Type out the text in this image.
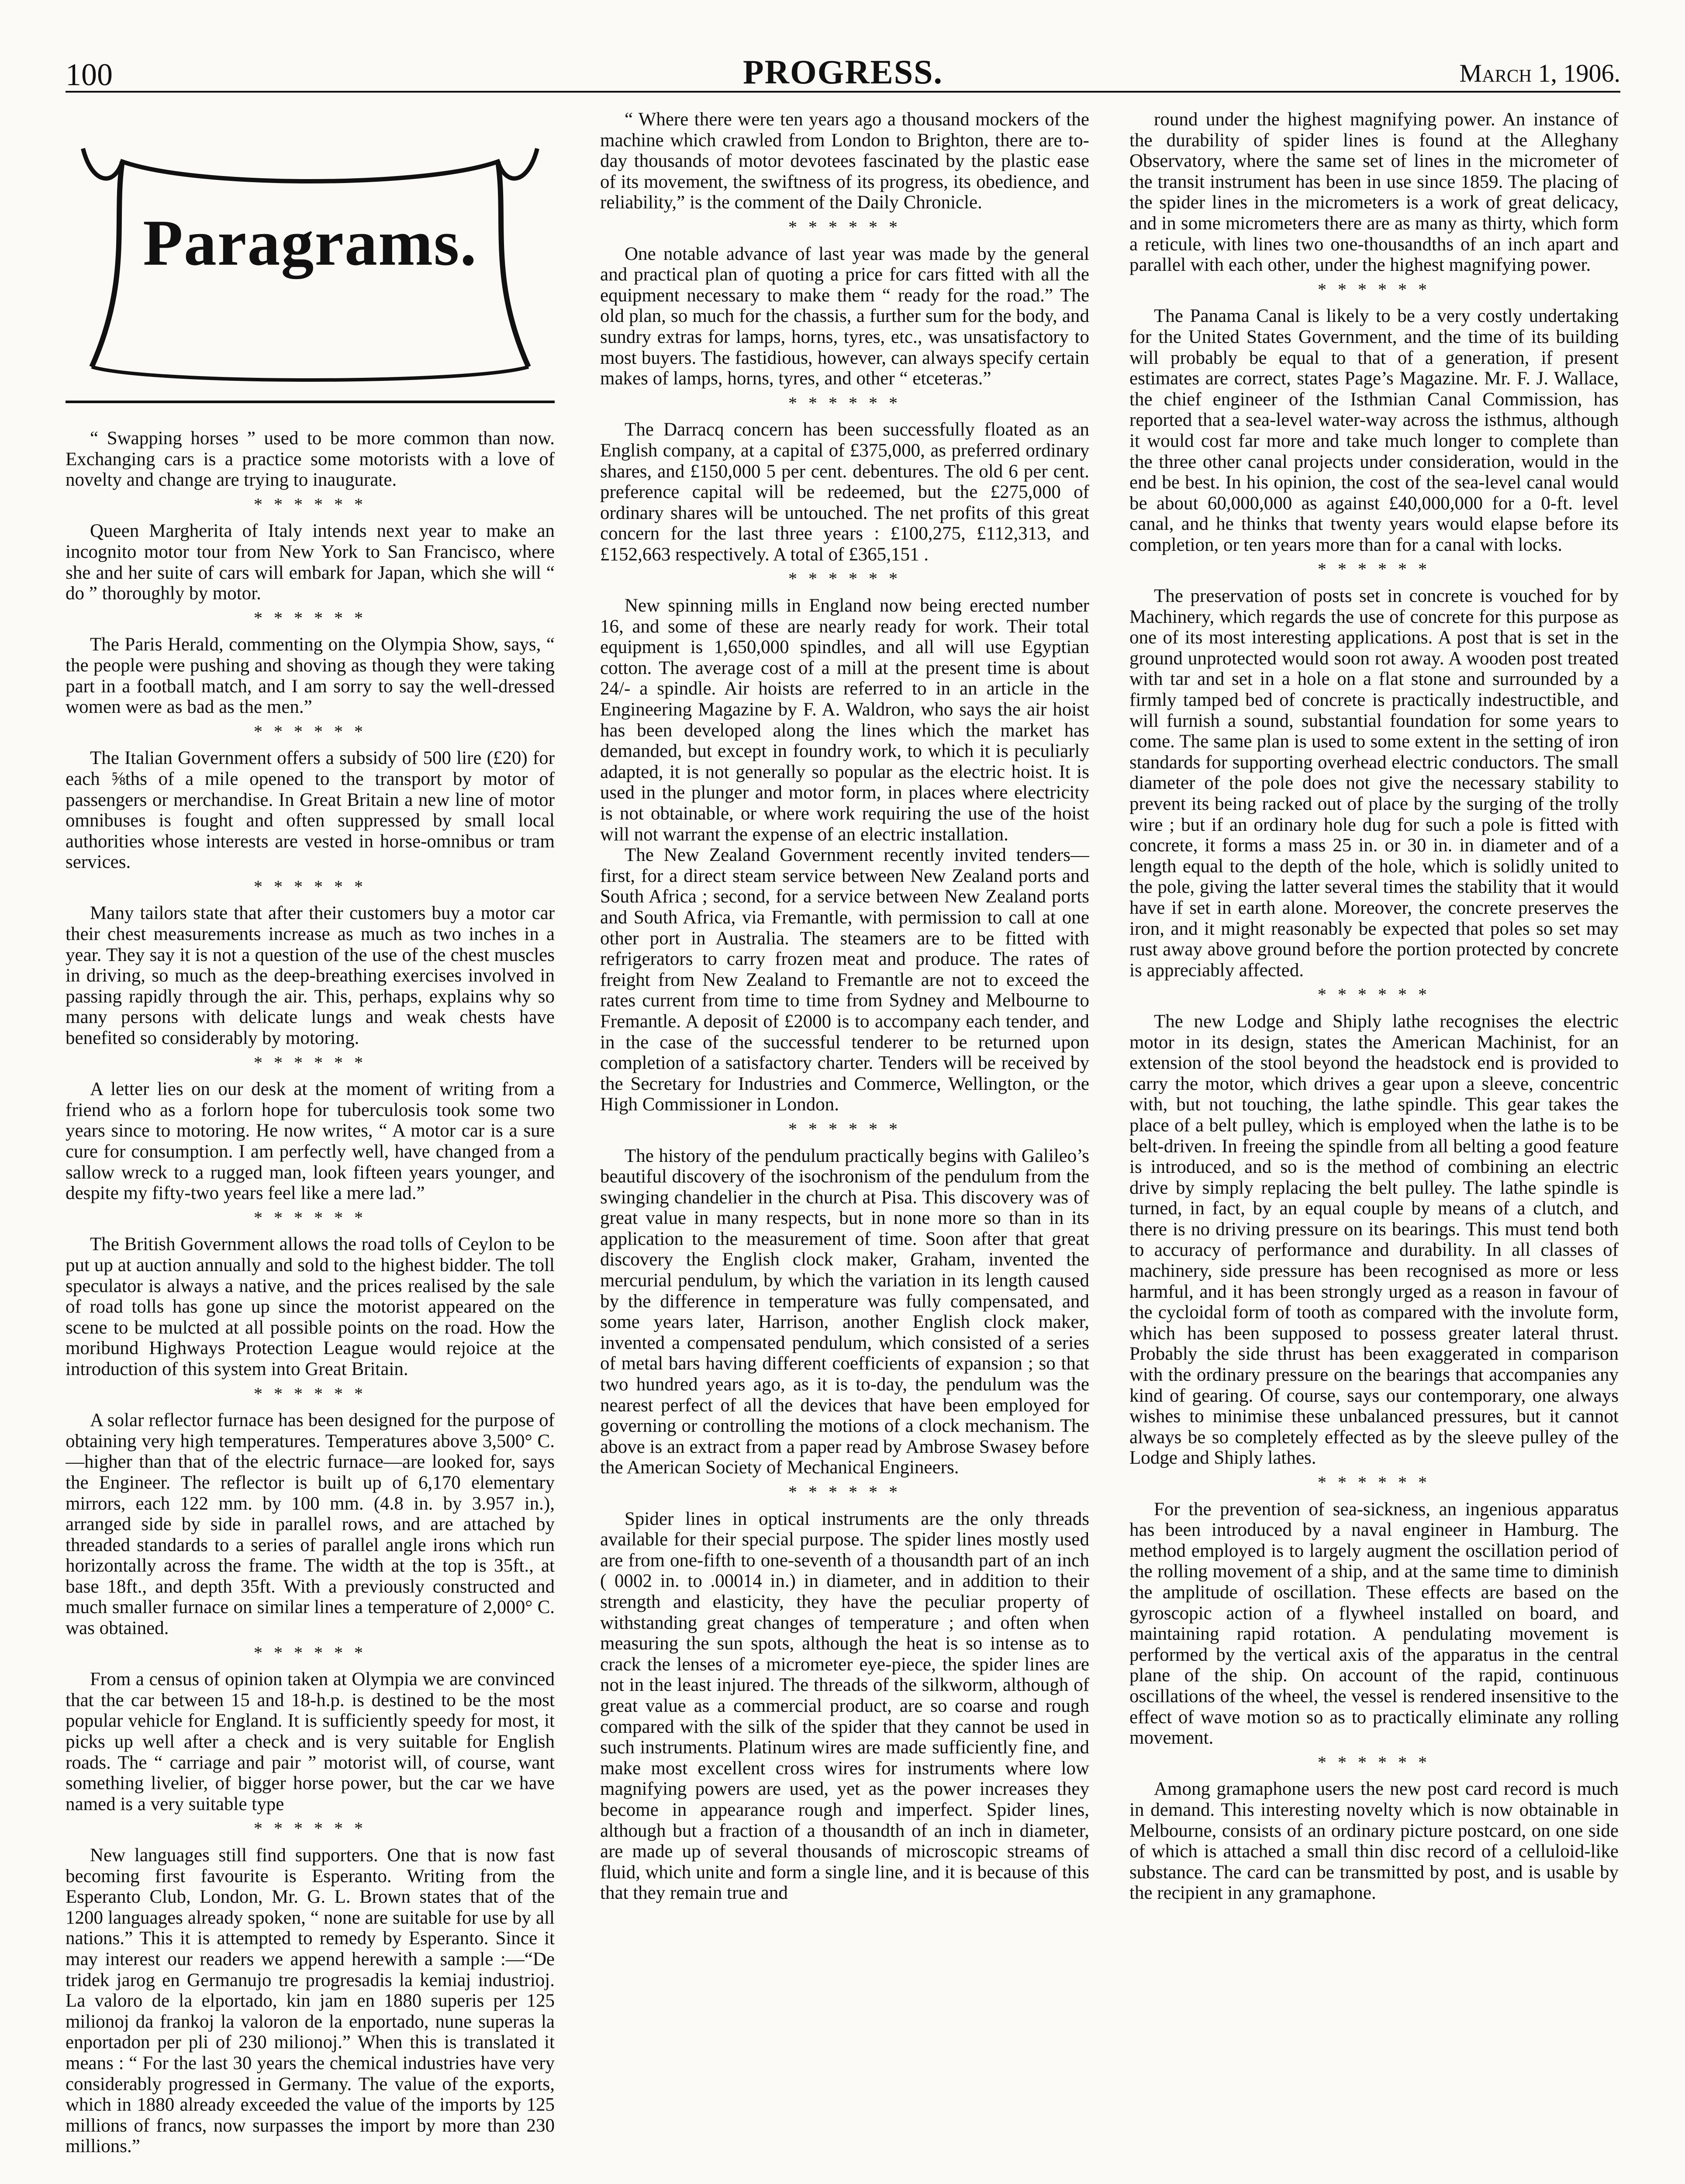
100	PROGRESS.	March 1, 1906.
Paragrams.

“ Swapping horses ” used to be more common than now. Exchanging cars is a practice some motorists with a love of novelty and change are trying to inaugurate.

* * * * * *

Queen Margherita of Italy intends next year to make an incognito motor tour from New York to San Francisco, where she and her suite of cars will embark for Japan, which she will “ do ” thoroughly by motor.

* * * * * *

The Paris Herald, commenting on the Olympia Show, says, “ the people were pushing and shoving as though they were taking part in a football match, and I am sorry to say the well-dressed women were as bad as the men.”

* * * * * *

The Italian Government offers a subsidy of 500 lire (£20) for each ⅝ths of a mile opened to the transport by motor of passengers or merchandise. In Great Britain a new line of motor omnibuses is fought and often suppressed by small local authorities whose interests are vested in horse-omnibus or tram services.

* * * * * *

Many tailors state that after their customers buy a motor car their chest measurements increase as much as two inches in a year. They say it is not a question of the use of the chest muscles in driving, so much as the deep-breathing exercises involved in passing rapidly through the air. This, perhaps, explains why so many persons with delicate lungs and weak chests have benefited so considerably by motoring.

* * * * * *

A letter lies on our desk at the moment of writing from a friend who as a forlorn hope for tuberculosis took some two years since to motoring. He now writes, “ A motor car is a sure cure for consumption. I am perfectly well, have changed from a sallow wreck to a rugged man, look fifteen years younger, and despite my fifty-two years feel like a mere lad.”

* * * * * *

The British Government allows the road tolls of Ceylon to be put up at auction annually and sold to the highest bidder. The toll speculator is always a native, and the prices realised by the sale of road tolls has gone up since the motorist appeared on the scene to be mulcted at all possible points on the road. How the moribund Highways Protection League would rejoice at the introduction of this system into Great Britain.

* * * * * *

A solar reflector furnace has been designed for the purpose of obtaining very high temperatures. Temperatures above 3,500° C.—higher than that of the electric furnace—are looked for, says the Engineer. The reflector is built up of 6,170 elementary mirrors, each 122 mm. by 100 mm. (4.8 in. by 3.957 in.), arranged side by side in parallel rows, and are attached by threaded standards to a series of parallel angle irons which run horizontally across the frame. The width at the top is 35ft., at base 18ft., and depth 35ft. With a previously constructed and much smaller furnace on similar lines a temperature of 2,000° C. was obtained.

* * * * * *

From a census of opinion taken at Olympia we are convinced that the car between 15 and 18-h.p. is destined to be the most popular vehicle for England. It is sufficiently speedy for most, it picks up well after a check and is very suitable for English roads. The “ carriage and pair ” motorist will, of course, want something livelier, of bigger horse power, but the car we have named is a very suitable type

* * * * * *

New languages still find supporters. One that is now fast becoming first favourite is Esperanto. Writing from the Esperanto Club, London, Mr. G. L. Brown states that of the 1200 languages already spoken, “ none are suitable for use by all nations.” This it is attempted to remedy by Esperanto. Since it may interest our readers we append herewith a sample :—“De tridek jarog en Germanujo tre progresadis la kemiaj industrioj. La valoro de la elportado, kin jam en 1880 superis per 125 milionoj da frankoj la valoron de la enportado, nune superas la enportadon per pli of 230 milionoj.” When this is translated it means : “ For the last 30 years the chemical industries have very considerably progressed in Germany. The value of the exports, which in 1880 already exceeded the value of the imports by 125 millions of francs, now surpasses the import by more than 230 millions.”

“ Where there were ten years ago a thousand mockers of the machine which crawled from London to Brighton, there are to-day thousands of motor devotees fascinated by the plastic ease of its movement, the swiftness of its progress, its obedience, and reliability,” is the comment of the Daily Chronicle.

* * * * * *

One notable advance of last year was made by the general and practical plan of quoting a price for cars fitted with all the equipment necessary to make them “ ready for the road.” The old plan, so much for the chassis, a further sum for the body, and sundry extras for lamps, horns, tyres, etc., was unsatisfactory to most buyers. The fastidious, however, can always specify certain makes of lamps, horns, tyres, and other “ etceteras.”

* * * * * *

The Darracq concern has been successfully floated as an English company, at a capital of £375,000, as preferred ordinary shares, and £150,000 5 per cent. debentures. The old 6 per cent. preference capital will be redeemed, but the £275,000 of ordinary shares will be untouched. The net profits of this great concern for the last three years : £100,275, £112,313, and £152,663 respectively. A total of £365,151 .

* * * * * *

New spinning mills in England now being erected number 16, and some of these are nearly ready for work. Their total equipment is 1,650,000 spindles, and all will use Egyptian cotton. The average cost of a mill at the present time is about 24/- a spindle. Air hoists are referred to in an article in the Engineering Magazine by F. A. Waldron, who says the air hoist has been developed along the lines which the market has demanded, but except in foundry work, to which it is peculiarly adapted, it is not generally so popular as the electric hoist. It is used in the plunger and motor form, in places where electricity is not obtainable, or where work requiring the use of the hoist will not warrant the expense of an electric installation.

The New Zealand Government recently invited tenders—first, for a direct steam service between New Zealand ports and South Africa ; second, for a service between New Zealand ports and South Africa, via Fremantle, with permission to call at one other port in Australia. The steamers are to be fitted with refrigerators to carry frozen meat and produce. The rates of freight from New Zealand to Fremantle are not to exceed the rates current from time to time from Sydney and Melbourne to Fremantle. A deposit of £2000 is to accompany each tender, and in the case of the successful tenderer to be returned upon completion of a satisfactory charter. Tenders will be received by the Secretary for Industries and Commerce, Wellington, or the High Commissioner in London.

* * * * * *

The history of the pendulum practically begins with Galileo’s beautiful discovery of the isochronism of the pendulum from the swinging chandelier in the church at Pisa. This discovery was of great value in many respects, but in none more so than in its application to the measurement of time. Soon after that great discovery the English clock maker, Graham, invented the mercurial pendulum, by which the variation in its length caused by the difference in temperature was fully compensated, and some years later, Harrison, another English clock maker, invented a compensated pendulum, which consisted of a series of metal bars having different coefficients of expansion ; so that two hundred years ago, as it is to-day, the pendulum was the nearest perfect of all the devices that have been employed for governing or controlling the motions of a clock mechanism. The above is an extract from a paper read by Ambrose Swasey before the American Society of Mechanical Engineers.

* * * * * *

Spider lines in optical instruments are the only threads available for their special purpose. The spider lines mostly used are from one-fifth to one-seventh of a thousandth part of an inch ( 0002 in. to .00014 in.) in diameter, and in addition to their strength and elasticity, they have the peculiar property of withstanding great changes of temperature ; and often when measuring the sun spots, although the heat is so intense as to crack the lenses of a micrometer eye-piece, the spider lines are not in the least injured. The threads of the silkworm, although of great value as a commercial product, are so coarse and rough compared with the silk of the spider that they cannot be used in such instruments. Platinum wires are made sufficiently fine, and make most excellent cross wires for instruments where low magnifying powers are used, yet as the power increases they become in appearance rough and imperfect. Spider lines, although but a fraction of a thousandth of an inch in diameter, are made up of several thousands of microscopic streams of fluid, which unite and form a single line, and it is because of this that they remain true and

round under the highest magnifying power. An instance of the durability of spider lines is found at the Alleghany Observatory, where the same set of lines in the micrometer of the transit instrument has been in use since 1859. The placing of the spider lines in the micrometers is a work of great delicacy, and in some micrometers there are as many as thirty, which form a reticule, with lines two one-thousandths of an inch apart and parallel with each other, under the highest magnifying power.

* * * * * *

The Panama Canal is likely to be a very costly undertaking for the United States Government, and the time of its building will probably be equal to that of a generation, if present estimates are correct, states Page’s Magazine. Mr. F. J. Wallace, the chief engineer of the Isthmian Canal Commission, has reported that a sea-level water-way across the isthmus, although it would cost far more and take much longer to complete than the three other canal projects under consideration, would in the end be best. In his opinion, the cost of the sea-level canal would be about 60,000,000 as against £40,000,000 for a 0-ft. level canal, and he thinks that twenty years would elapse before its completion, or ten years more than for a canal with locks.

* * * * * *

The preservation of posts set in concrete is vouched for by Machinery, which regards the use of concrete for this purpose as one of its most interesting applications. A post that is set in the ground unprotected would soon rot away. A wooden post treated with tar and set in a hole on a flat stone and surrounded by a firmly tamped bed of concrete is practically indestructible, and will furnish a sound, substantial foundation for some years to come. The same plan is used to some extent in the setting of iron standards for supporting overhead electric conductors. The small diameter of the pole does not give the necessary stability to prevent its being racked out of place by the surging of the trolly wire ; but if an ordinary hole dug for such a pole is fitted with concrete, it forms a mass 25 in. or 30 in. in diameter and of a length equal to the depth of the hole, which is solidly united to the pole, giving the latter several times the stability that it would have if set in earth alone. Moreover, the concrete preserves the iron, and it might reasonably be expected that poles so set may rust away above ground before the portion protected by concrete is appreciably affected.

* * * * * *

The new Lodge and Shiply lathe recognises the electric motor in its design, states the American Machinist, for an extension of the stool beyond the headstock end is provided to carry the motor, which drives a gear upon a sleeve, concentric with, but not touching, the lathe spindle. This gear takes the place of a belt pulley, which is employed when the lathe is to be belt-driven. In freeing the spindle from all belting a good feature is introduced, and so is the method of combining an electric drive by simply replacing the belt pulley. The lathe spindle is turned, in fact, by an equal couple by means of a clutch, and there is no driving pressure on its bearings. This must tend both to accuracy of performance and durability. In all classes of machinery, side pressure has been recognised as more or less harmful, and it has been strongly urged as a reason in favour of the cycloidal form of tooth as compared with the involute form, which has been supposed to possess greater lateral thrust. Probably the side thrust has been exaggerated in comparison with the ordinary pressure on the bearings that accompanies any kind of gearing. Of course, says our contemporary, one always wishes to minimise these unbalanced pressures, but it cannot always be so completely effected as by the sleeve pulley of the Lodge and Shiply lathes.

* * * * * *

For the prevention of sea-sickness, an ingenious apparatus has been introduced by a naval engineer in Hamburg. The method employed is to largely augment the oscillation period of the rolling movement of a ship, and at the same time to diminish the amplitude of oscillation. These effects are based on the gyroscopic action of a flywheel installed on board, and maintaining rapid rotation. A pendulating movement is performed by the vertical axis of the apparatus in the central plane of the ship. On account of the rapid, continuous oscillations of the wheel, the vessel is rendered insensitive to the effect of wave motion so as to practically eliminate any rolling movement.

* * * * * *

Among gramaphone users the new post card record is much in demand. This interesting novelty which is now obtainable in Melbourne, consists of an ordinary picture postcard, on one side of which is attached a small thin disc record of a celluloid-like substance. The card can be transmitted by post, and is usable by the recipient in any gramaphone.
